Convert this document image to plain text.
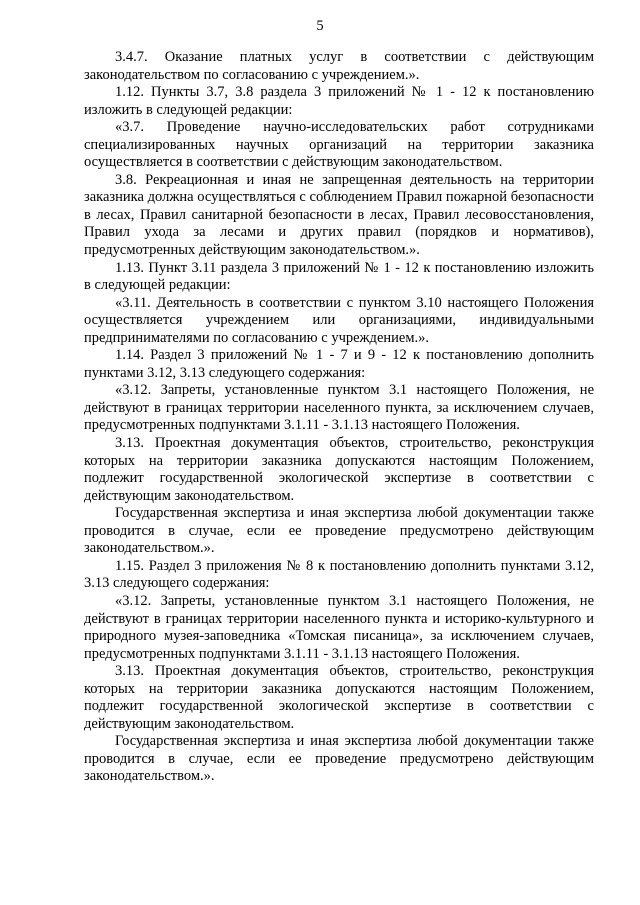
5

3.4.7. Оказание платных услуг в соответствии с действующим законодательством по согласованию с учреждением.».

1.12. Пункты 3.7, 3.8 раздела 3 приложений № 1 - 12 к постановлению изложить в следующей редакции:

«3.7. Проведение научно-исследовательских работ сотрудниками специализированных научных организаций на территории заказника осуществляется в соответствии с действующим законодательством.

3.8. Рекреационная и иная не запрещенная деятельность на территории заказника должна осуществляться с соблюдением Правил пожарной безопасности в лесах, Правил санитарной безопасности в лесах, Правил лесовосстановления, Правил ухода за лесами и других правил (порядков и нормативов), предусмотренных действующим законодательством.».

1.13. Пункт 3.11 раздела 3 приложений № 1 - 12 к постановлению изложить в следующей редакции:

«3.11. Деятельность в соответствии с пунктом 3.10 настоящего Положения осуществляется учреждением или организациями, индивидуальными предпринимателями по согласованию с учреждением.».

1.14. Раздел 3 приложений № 1 - 7 и 9 - 12 к постановлению дополнить пунктами 3.12, 3.13 следующего содержания:

«3.12. Запреты, установленные пунктом 3.1 настоящего Положения, не действуют в границах территории населенного пункта, за исключением случаев, предусмотренных подпунктами 3.1.11 - 3.1.13 настоящего Положения.

3.13. Проектная документация объектов, строительство, реконструкция которых на территории заказника допускаются настоящим Положением, подлежит государственной экологической экспертизе в соответствии с действующим законодательством.

Государственная экспертиза и иная экспертиза любой документации также проводится в случае, если ее проведение предусмотрено действующим законодательством.».

1.15. Раздел 3 приложения № 8 к постановлению дополнить пунктами 3.12, 3.13 следующего содержания:

«3.12. Запреты, установленные пунктом 3.1 настоящего Положения, не действуют в границах территории населенного пункта и историко-культурного и природного музея-заповедника «Томская писаница», за исключением случаев, предусмотренных подпунктами 3.1.11 - 3.1.13 настоящего Положения.

3.13. Проектная документация объектов, строительство, реконструкция которых на территории заказника допускаются настоящим Положением, подлежит государственной экологической экспертизе в соответствии с действующим законодательством.

Государственная экспертиза и иная экспертиза любой документации также проводится в случае, если ее проведение предусмотрено действующим законодательством.».
